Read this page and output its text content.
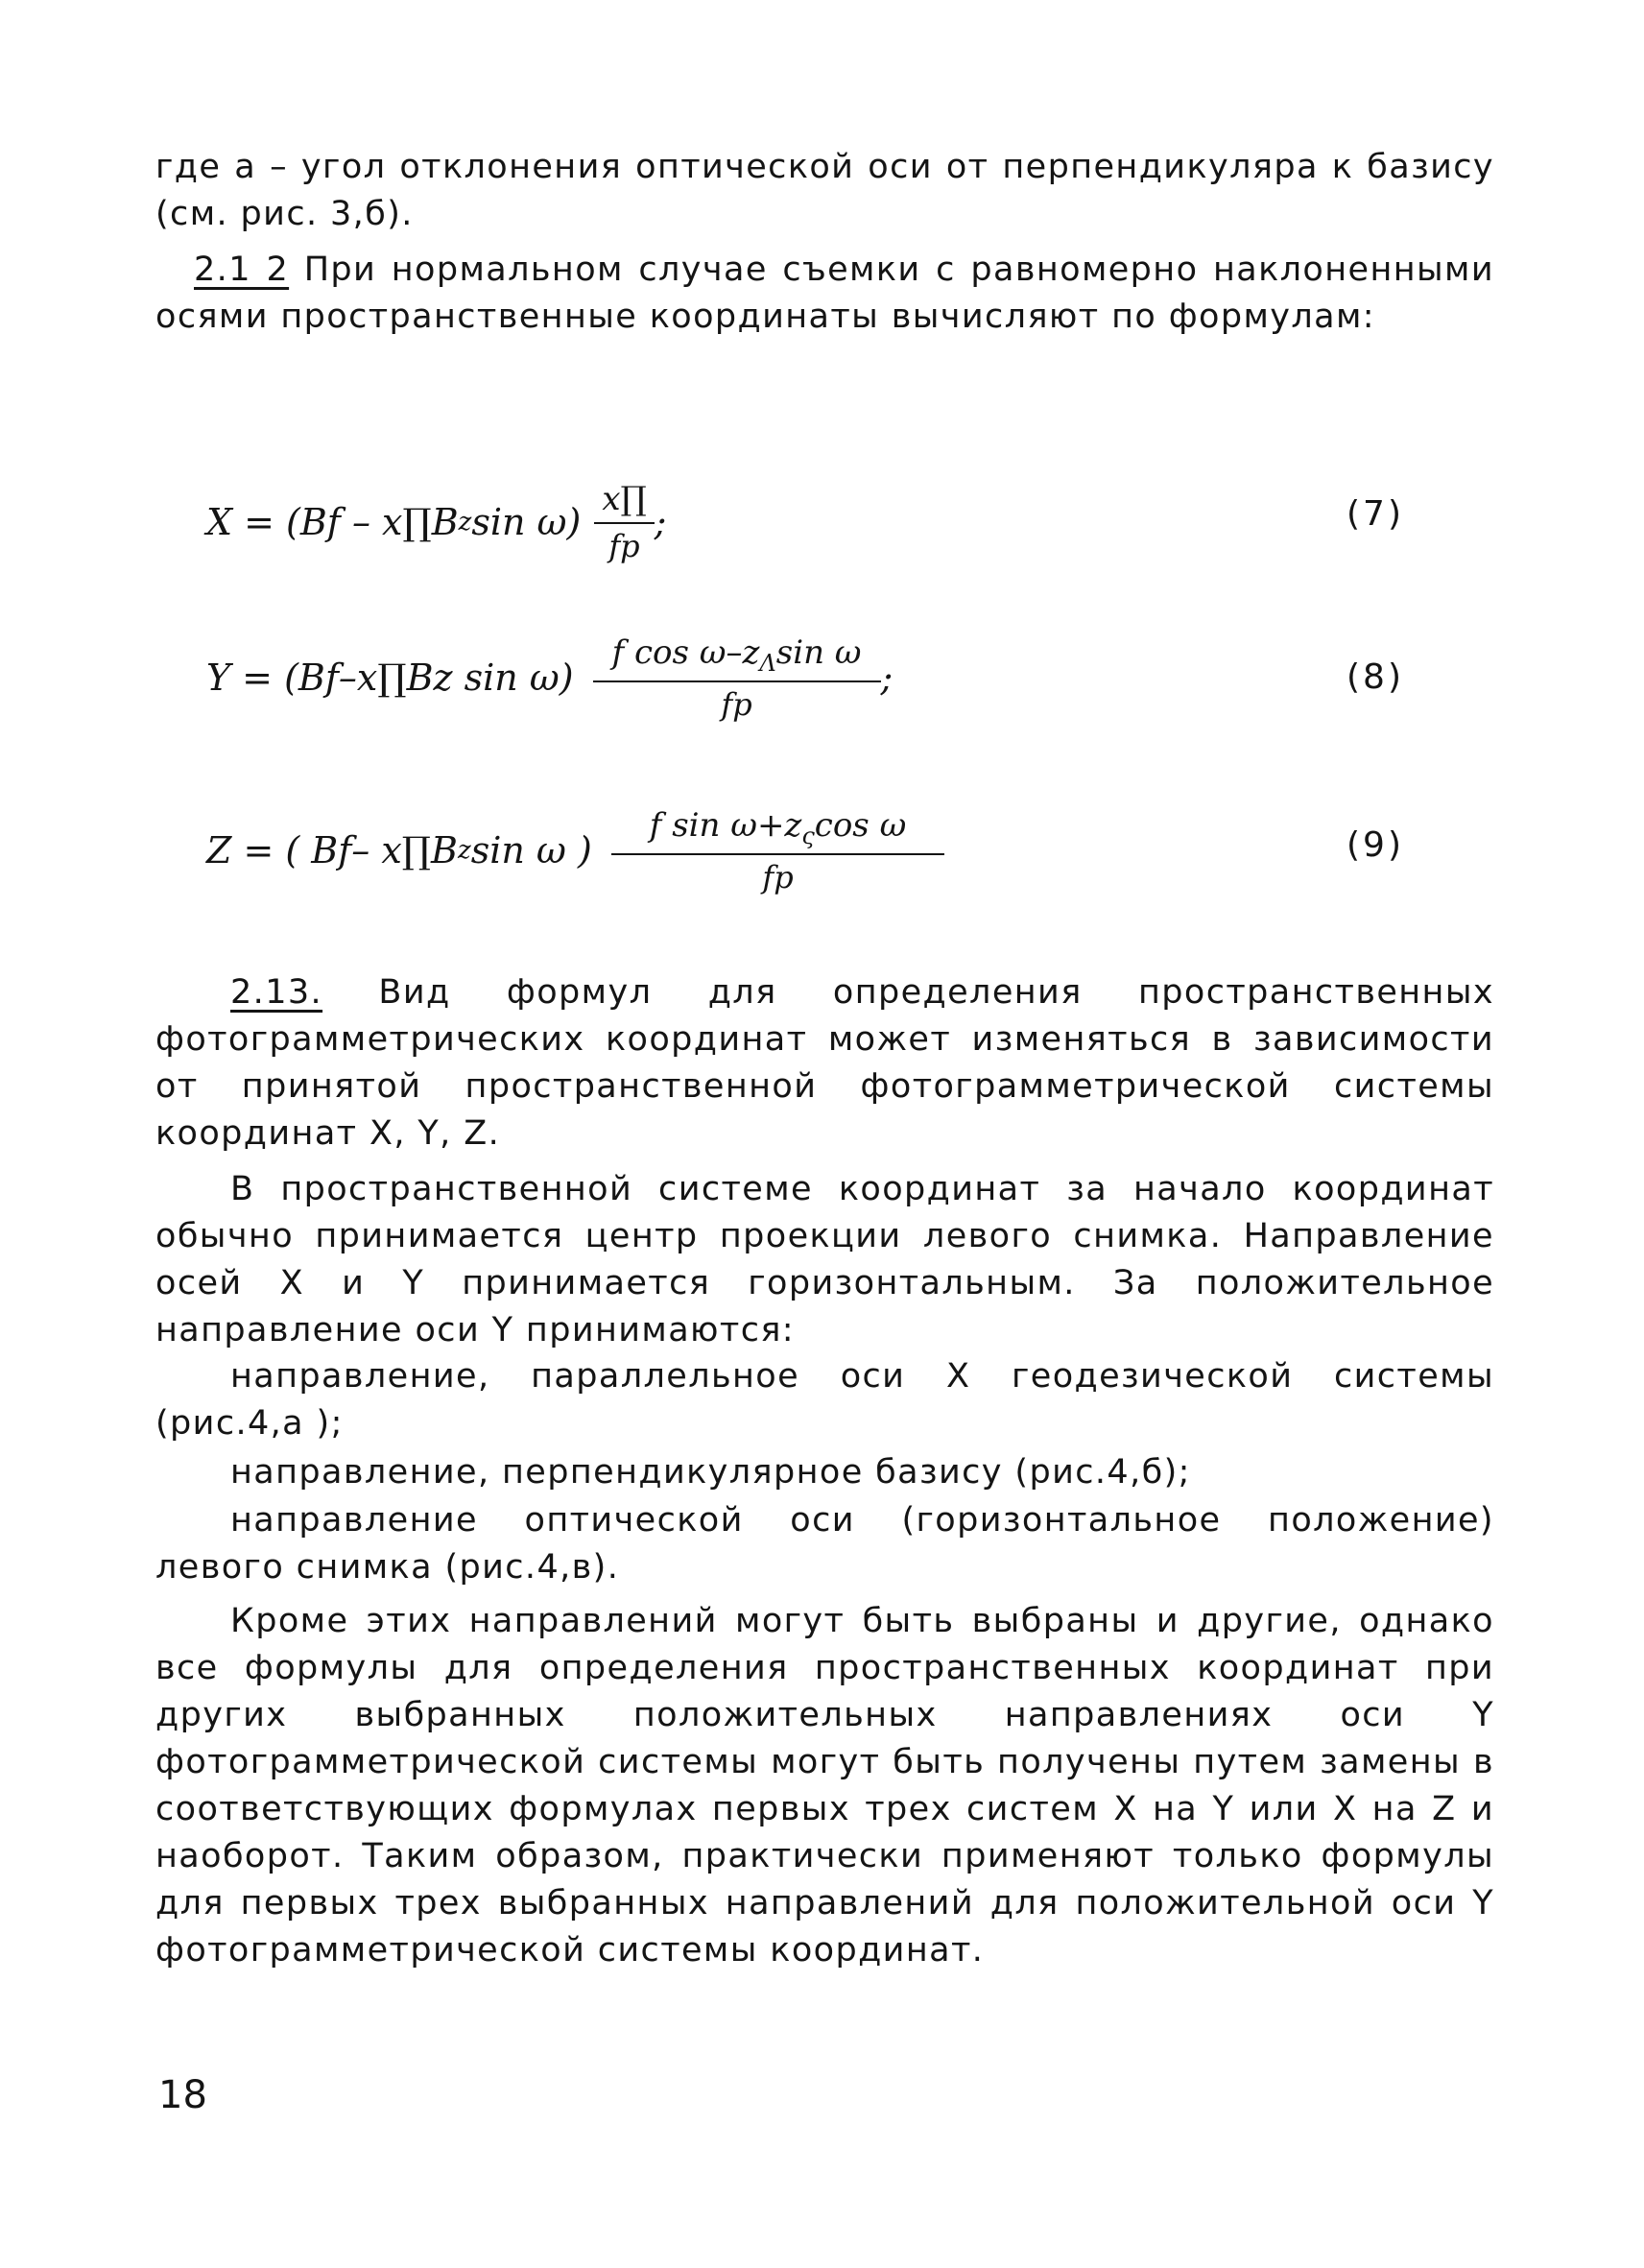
где a – угол отклонения оптической оси от перпендикуляра к базису (см. рис. 3,б).

2.1 2 При нормальном случае съемки с равномерно наклоненными осями пространственные координаты вычисляют по формулам:

X = (Bf – x∏B z $\sin \omega) \frac{x\prod}{fp}$ ;	(7)
Y = (Bf–x∏Bz $\sin \omega) \frac{f \cos \omega-z_\Lambda\sin \omega}{fp}$ ;	(8)
Z = ( Bf– x∏B z sin ω ) $\frac{f \sin \omega+z_\varsigma\cos \omega}{fp}$	(9)

2.13. Вид формул для определения пространственных фотограмметрических координат может изменяться в зависимости от принятой пространственной фотограмметрической системы координат X, Y, Z.

В пространственной системе координат за начало координат обычно принимается центр проекции левого снимка. Направление осей X и Y принимается горизонтальным. За положительное направление оси Y принимаются:

направление, параллельное оси X геодезической системы (рис.4,a );

направление, перпендикулярное базису (рис.4,б);

направление оптической оси (горизонтальное положение) левого снимка (рис.4,в).

Кроме этих направлений могут быть выбраны и другие, однако все формулы для определения пространственных координат при других выбранных положительных направлениях оси Y фотограмметрической системы могут быть получены путем замены в соответствующих формулах первых трех систем X на Y или X на Z и наоборот. Таким образом, практически применяют только формулы для первых трех выбранных направлений для положительной оси Y фотограмметрической системы координат.

18
